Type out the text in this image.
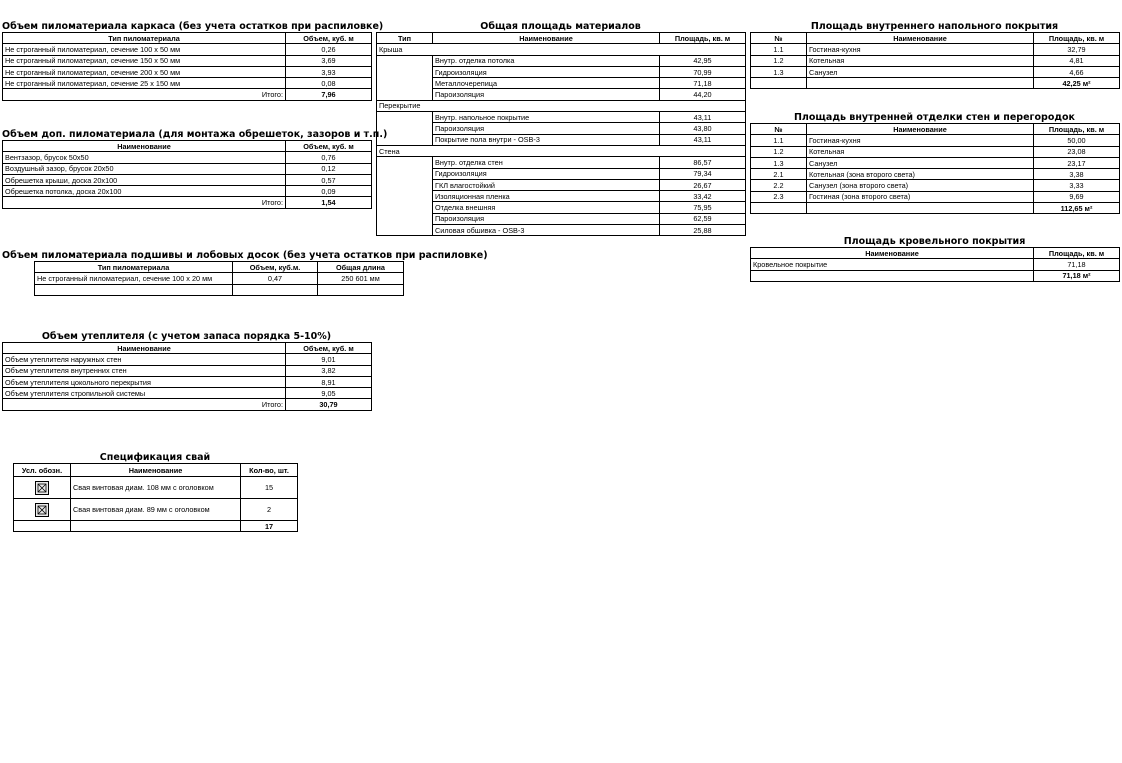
Объем пиломатериала каркаса (без учета остатков при распиловке)
Тип пиломатериала	Объем, куб. м
Не строганный пиломатериал, сечение 100 х 50 мм	0,26
Не строганный пиломатериал, сечение 150 х 50 мм	3,69
Не строганный пиломатериал, сечение 200 х 50 мм	3,93
Не строганный пиломатериал, сечение 25 х 150 мм	0,08
Итого:	7,96
Объем доп. пиломатериала (для монтажа обрешеток, зазоров и т.п.)
Наименование	Объем, куб. м
Вентзазор, брусок 50х50	0,76
Воздушный зазор, брусок 20х50	0,12
Обрешетка крыши, доска 20х100	0,57
Обрешетка потолка, доска 20х100	0,09
Итого:	1,54
Объем пиломатериала подшивы и лобовых досок (без учета остатков при распиловке)
Тип пиломатериала	Объем, куб.м.	Общая длина
Не строганный пиломатериал, сечение 100 х 20 мм	0,47	250 601 мм

Объем утеплителя (с учетом запаса порядка 5-10%)
Наименование	Объем, куб. м
Объем утеплителя наружных стен	9,01
Объем утеплителя внутренних стен	3,82
Объем утеплителя цокольного перекрытия	8,91
Объем утеплителя стропильной системы	9,05
Итого:	30,79
Спецификация свай
Усл. обозн.	Наименование	Кол-во, шт.

	Свая винтовая диам. 108 мм с оголовком	15

	Свая винтовая диам. 89 мм с оголовком	2
		17
Общая площадь материалов
Тип	Наименование	Площадь, кв. м
Крыша		
	Внутр. отделка потолка	42,95
	Гидроизоляция	70,99
	Металлочерепица	71,18
	Пароизоляция	44,20
Перекрытие		
	Внутр. напольное покрытие	43,11
	Пароизоляция	43,80
	Покрытие пола внутри - OSB-3	43,11
Стена		
	Внутр. отделка стен	86,57
	Гидроизоляция	79,34
	ГКЛ влагостойкий	26,67
	Изоляционная пленка	33,42
	Отделка внешняя	75,95
	Пароизоляция	62,59
	Силовая обшивка - OSB-3	25,88
Площадь внутреннего напольного покрытия
№	Наименование	Площадь, кв. м
1.1	Гостиная-кухня	32,79
1.2	Котельная	4,81
1.3	Санузел	4,66
		42,25 м²
Площадь внутренней отделки стен и перегородок
№	Наименование	Площадь, кв. м
1.1	Гостиная-кухня	50,00
1.2	Котельная	23,08
1.3	Санузел	23,17
2.1	Котельная (зона второго света)	3,38
2.2	Санузел (зона второго света)	3,33
2.3	Гостиная (зона второго света)	9,69
		112,65 м²
Площадь кровельного покрытия
Наименование	Площадь, кв. м
Кровельное покрытие	71,18
	71,18 м²
